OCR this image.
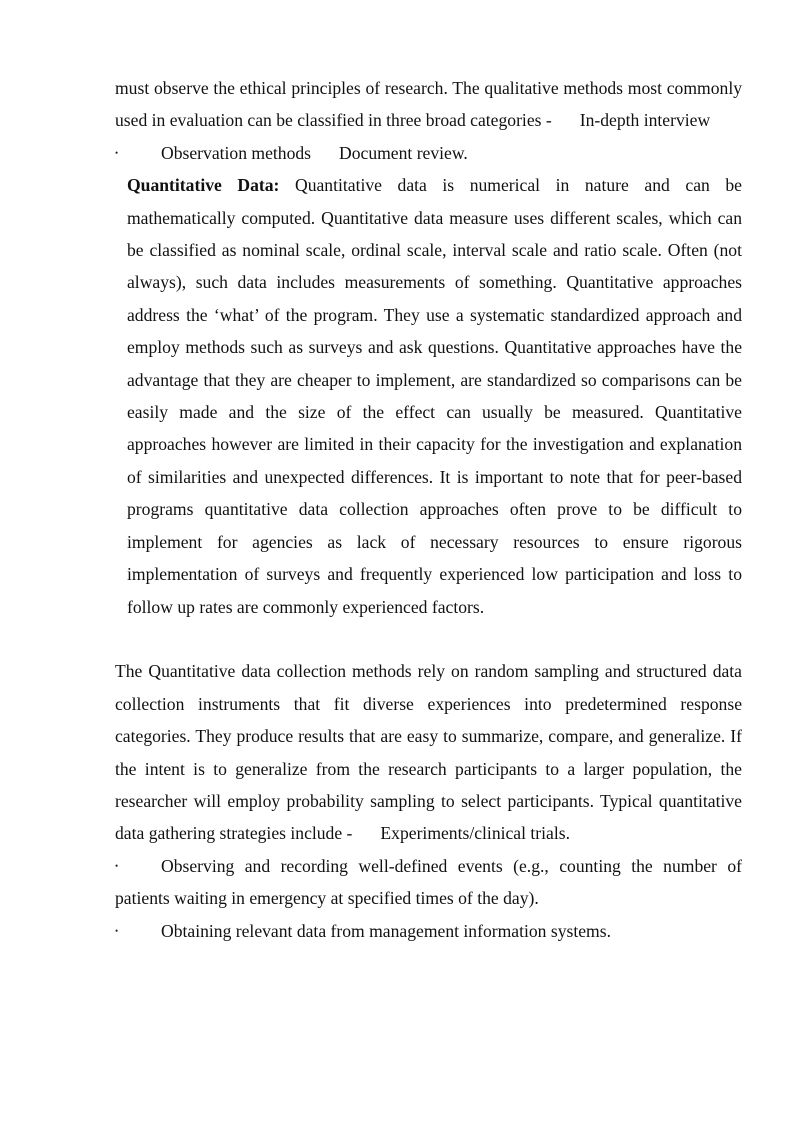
must observe the ethical principles of research. The qualitative methods most commonly used in evaluation can be classified in three broad categories - In-depth interview

• Observation methods Document review.

Quantitative Data: Quantitative data is numerical in nature and can be mathematically computed. Quantitative data measure uses different scales, which can be classified as nominal scale, ordinal scale, interval scale and ratio scale. Often (not always), such data includes measurements of something. Quantitative approaches address the ‘what’ of the program. They use a systematic standardized approach and employ methods such as surveys and ask questions. Quantitative approaches have the advantage that they are cheaper to implement, are standardized so comparisons can be easily made and the size of the effect can usually be measured. Quantitative approaches however are limited in their capacity for the investigation and explanation of similarities and unexpected differences. It is important to note that for peer-based programs quantitative data collection approaches often prove to be difficult to implement for agencies as lack of necessary resources to ensure rigorous implementation of surveys and frequently experienced low participation and loss to follow up rates are commonly experienced factors.

The Quantitative data collection methods rely on random sampling and structured data collection instruments that fit diverse experiences into predetermined response categories. They produce results that are easy to summarize, compare, and generalize. If the intent is to generalize from the research participants to a larger population, the researcher will employ probability sampling to select participants. Typical quantitative data gathering strategies include - Experiments/clinical trials.

• Observing and recording well-defined events (e.g., counting the number of patients waiting in emergency at specified times of the day).

• Obtaining relevant data from management information systems.
